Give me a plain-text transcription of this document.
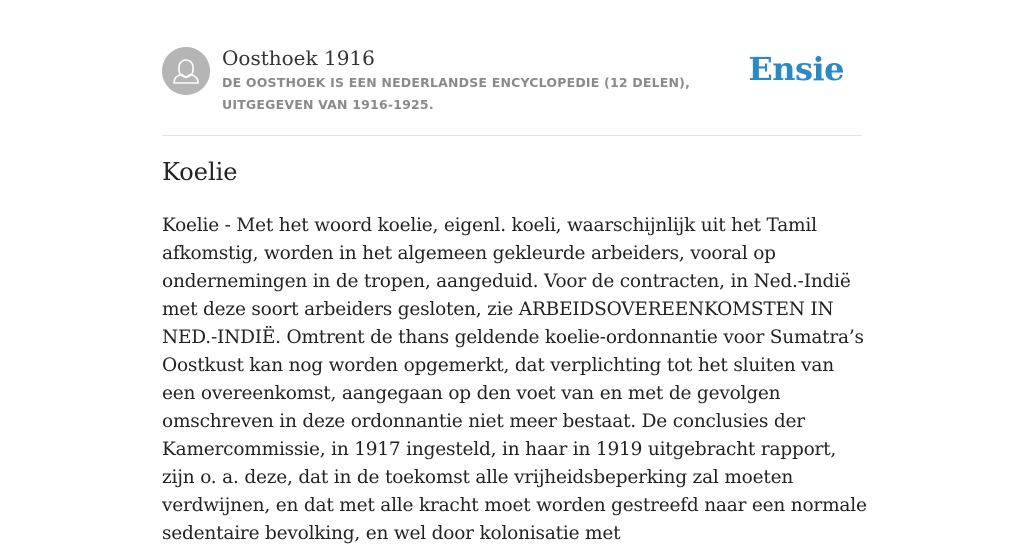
Oosthoek 1916
DE OOSTHOEK IS EEN NEDERLANDSE ENCYCLOPEDIE (12 DELEN), UITGEGEVEN VAN 1916-1925.
Ensie
Koelie

Koelie - Met het woord koelie, eigenl. koeli, waarschijnlijk uit het Tamil afkomstig, worden in het algemeen gekleurde arbeiders, vooral op ondernemingen in de tropen, aangeduid. Voor de contracten, in Ned.-Indië met deze soort arbeiders gesloten, zie ARBEIDSOVEREENKOMSTEN IN NED.-INDIË. Omtrent de thans geldende koelie-ordonnantie voor Sumatra’s Oostkust kan nog worden opgemerkt, dat verplichting tot het sluiten van een overeenkomst, aangegaan op den voet van en met de gevolgen omschreven in deze ordonnantie niet meer bestaat. De conclusies der Kamercommissie, in 1917 ingesteld, in haar in 1919 uitgebracht rapport, zijn o. a. deze, dat in de toekomst alle vrijheidsbeperking zal moeten verdwijnen, en dat met alle kracht moet worden gestreefd naar een normale sedentaire bevolking, en wel door kolonisatie met
